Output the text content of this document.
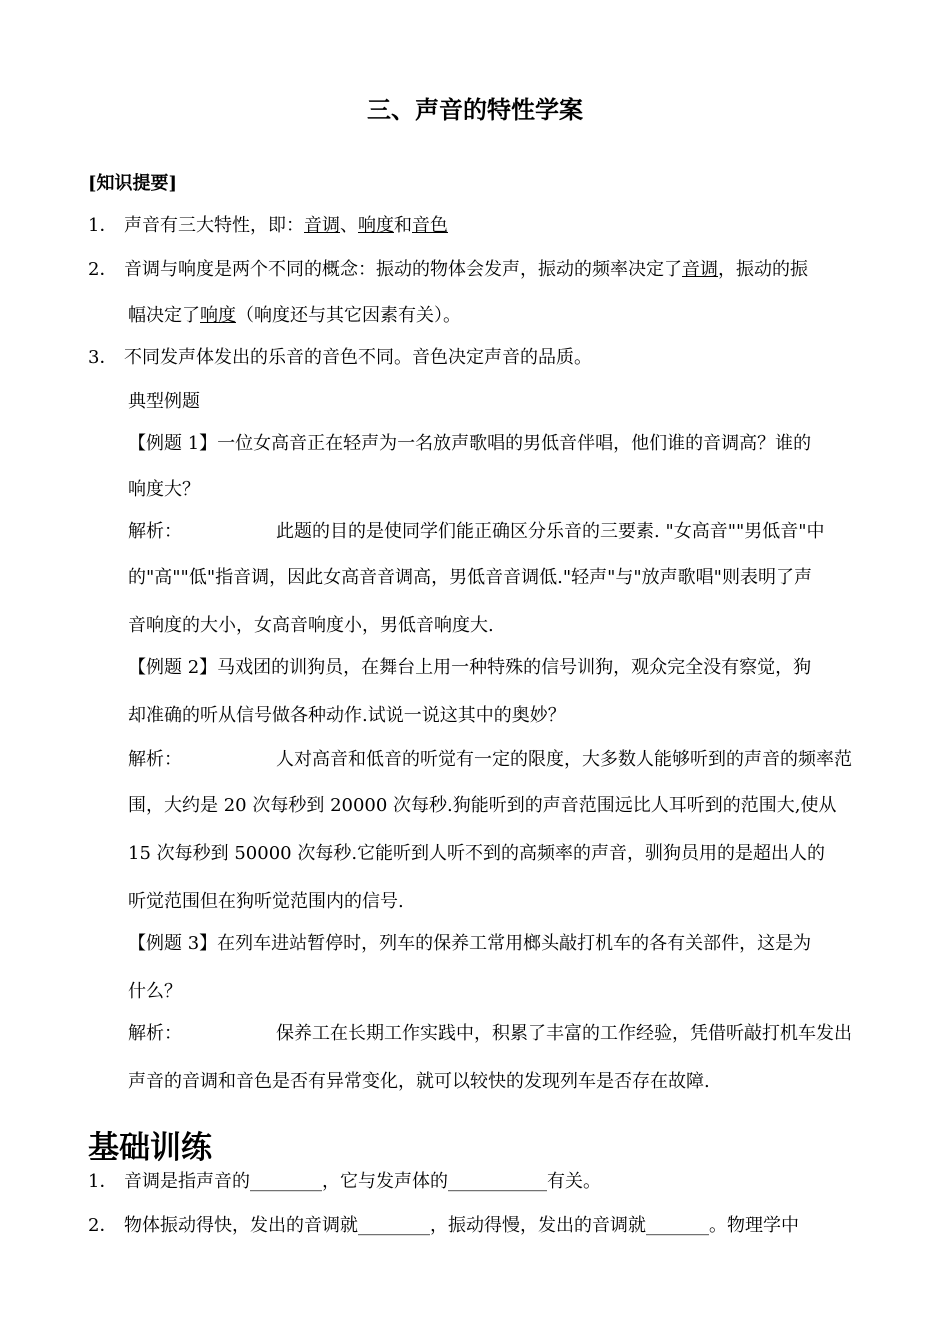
三、声音的特性学案
[知识提要]
1． 声音有三大特性，即：音调、响度和音色
2． 音调与响度是两个不同的概念：振动的物体会发声，振动的频率决定了音调，振动的振
幅决定了响度（响度还与其它因素有关）。
3． 不同发声体发出的乐音的音色不同。音色决定声音的品质。
典型例题
【例题 1】一位女高音正在轻声为一名放声歌唱的男低音伴唱，他们谁的音调高？谁的
响度大？
解析：	此题的目的是使同学们能正确区分乐音的三要素. "女高音""男低音"中
的"高""低"指音调，因此女高音音调高，男低音音调低."轻声"与"放声歌唱"则表明了声
音响度的大小，女高音响度小，男低音响度大.
【例题 2】马戏团的训狗员，在舞台上用一种特殊的信号训狗，观众完全没有察觉，狗
却准确的听从信号做各种动作.试说一说这其中的奥妙？
解析：	人对高音和低音的听觉有一定的限度，大多数人能够听到的声音的频率范
围，大约是 20 次每秒到 20000 次每秒.狗能听到的声音范围远比人耳听到的范围大,使从
15 次每秒到 50000 次每秒.它能听到人听不到的高频率的声音，驯狗员用的是超出人的
听觉范围但在狗听觉范围内的信号.
【例题 3】在列车进站暂停时，列车的保养工常用榔头敲打机车的各有关部件，这是为
什么？
解析：	保养工在长期工作实践中，积累了丰富的工作经验，凭借听敲打机车发出
声音的音调和音色是否有异常变化，就可以较快的发现列车是否存在故障.
基础训练
1． 音调是指声音的________，它与发声体的___________有关。
2． 物体振动得快，发出的音调就________，振动得慢，发出的音调就_______。物理学中
